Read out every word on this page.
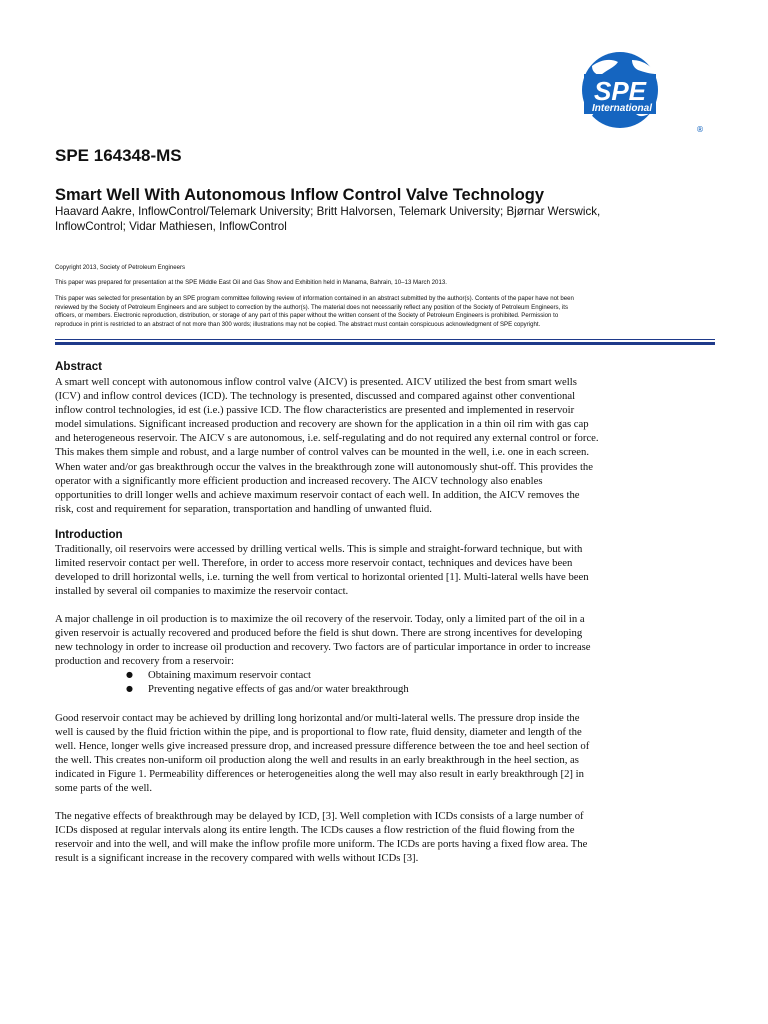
SPE
International
®
SPE 164348-MS
Smart Well With Autonomous Inflow Control Valve Technology

Haavard Aakre, InflowControl/Telemark University; Britt Halvorsen, Telemark University; Bjørnar Werswick,
InflowControl; Vidar Mathiesen, InflowControl

Copyright 2013, Society of Petroleum Engineers

This paper was prepared for presentation at the SPE Middle East Oil and Gas Show and Exhibition held in Manama, Bahrain, 10–13 March 2013.

This paper was selected for presentation by an SPE program committee following review of information contained in an abstract submitted by the author(s). Contents of the paper have not been
reviewed by the Society of Petroleum Engineers and are subject to correction by the author(s). The material does not necessarily reflect any position of the Society of Petroleum Engineers, its
officers, or members. Electronic reproduction, distribution, or storage of any part of this paper without the written consent of the Society of Petroleum Engineers is prohibited. Permission to
reproduce in print is restricted to an abstract of not more than 300 words; illustrations may not be copied. The abstract must contain conspicuous acknowledgment of SPE copyright.

Abstract
A smart well concept with autonomous inflow control valve (AICV) is presented. AICV utilized the best from smart wells
(ICV) and inflow control devices (ICD). The technology is presented, discussed and compared against other conventional
inflow control technologies, id est (i.e.) passive ICD. The flow characteristics are presented and implemented in reservoir
model simulations. Significant increased production and recovery are shown for the application in a thin oil rim with gas cap
and heterogeneous reservoir. The AICV s are autonomous, i.e. self-regulating and do not required any external control or force.
This makes them simple and robust, and a large number of control valves can be mounted in the well, i.e. one in each screen.
When water and/or gas breakthrough occur the valves in the breakthrough zone will autonomously shut-off. This provides the
operator with a significantly more efficient production and increased recovery. The AICV technology also enables
opportunities to drill longer wells and achieve maximum reservoir contact of each well. In addition, the AICV removes the
risk, cost and requirement for separation, transportation and handling of unwanted fluid.
Introduction
Traditionally, oil reservoirs were accessed by drilling vertical wells. This is simple and straight-forward technique, but with
limited reservoir contact per well. Therefore, in order to access more reservoir contact, techniques and devices have been
developed to drill horizontal wells, i.e. turning the well from vertical to horizontal oriented [1]. Multi-lateral wells have been
installed by several oil companies to maximize the reservoir contact.
A major challenge in oil production is to maximize the oil recovery of the reservoir. Today, only a limited part of the oil in a
given reservoir is actually recovered and produced before the field is shut down. There are strong incentives for developing
new technology in order to increase oil production and recovery. Two factors are of particular importance in order to increase
production and recovery from a reservoir:
● Obtaining maximum reservoir contact
● Preventing negative effects of gas and/or water breakthrough
Good reservoir contact may be achieved by drilling long horizontal and/or multi-lateral wells. The pressure drop inside the
well is caused by the fluid friction within the pipe, and is proportional to flow rate, fluid density, diameter and length of the
well. Hence, longer wells give increased pressure drop, and increased pressure difference between the toe and heel section of
the well. This creates non-uniform oil production along the well and results in an early breakthrough in the heel section, as
indicated in Figure 1. Permeability differences or heterogeneities along the well may also result in early breakthrough [2] in
some parts of the well.
The negative effects of breakthrough may be delayed by ICD, [3]. Well completion with ICDs consists of a large number of
ICDs disposed at regular intervals along its entire length. The ICDs causes a flow restriction of the fluid flowing from the
reservoir and into the well, and will make the inflow profile more uniform. The ICDs are ports having a fixed flow area. The
result is a significant increase in the recovery compared with wells without ICDs [3].
